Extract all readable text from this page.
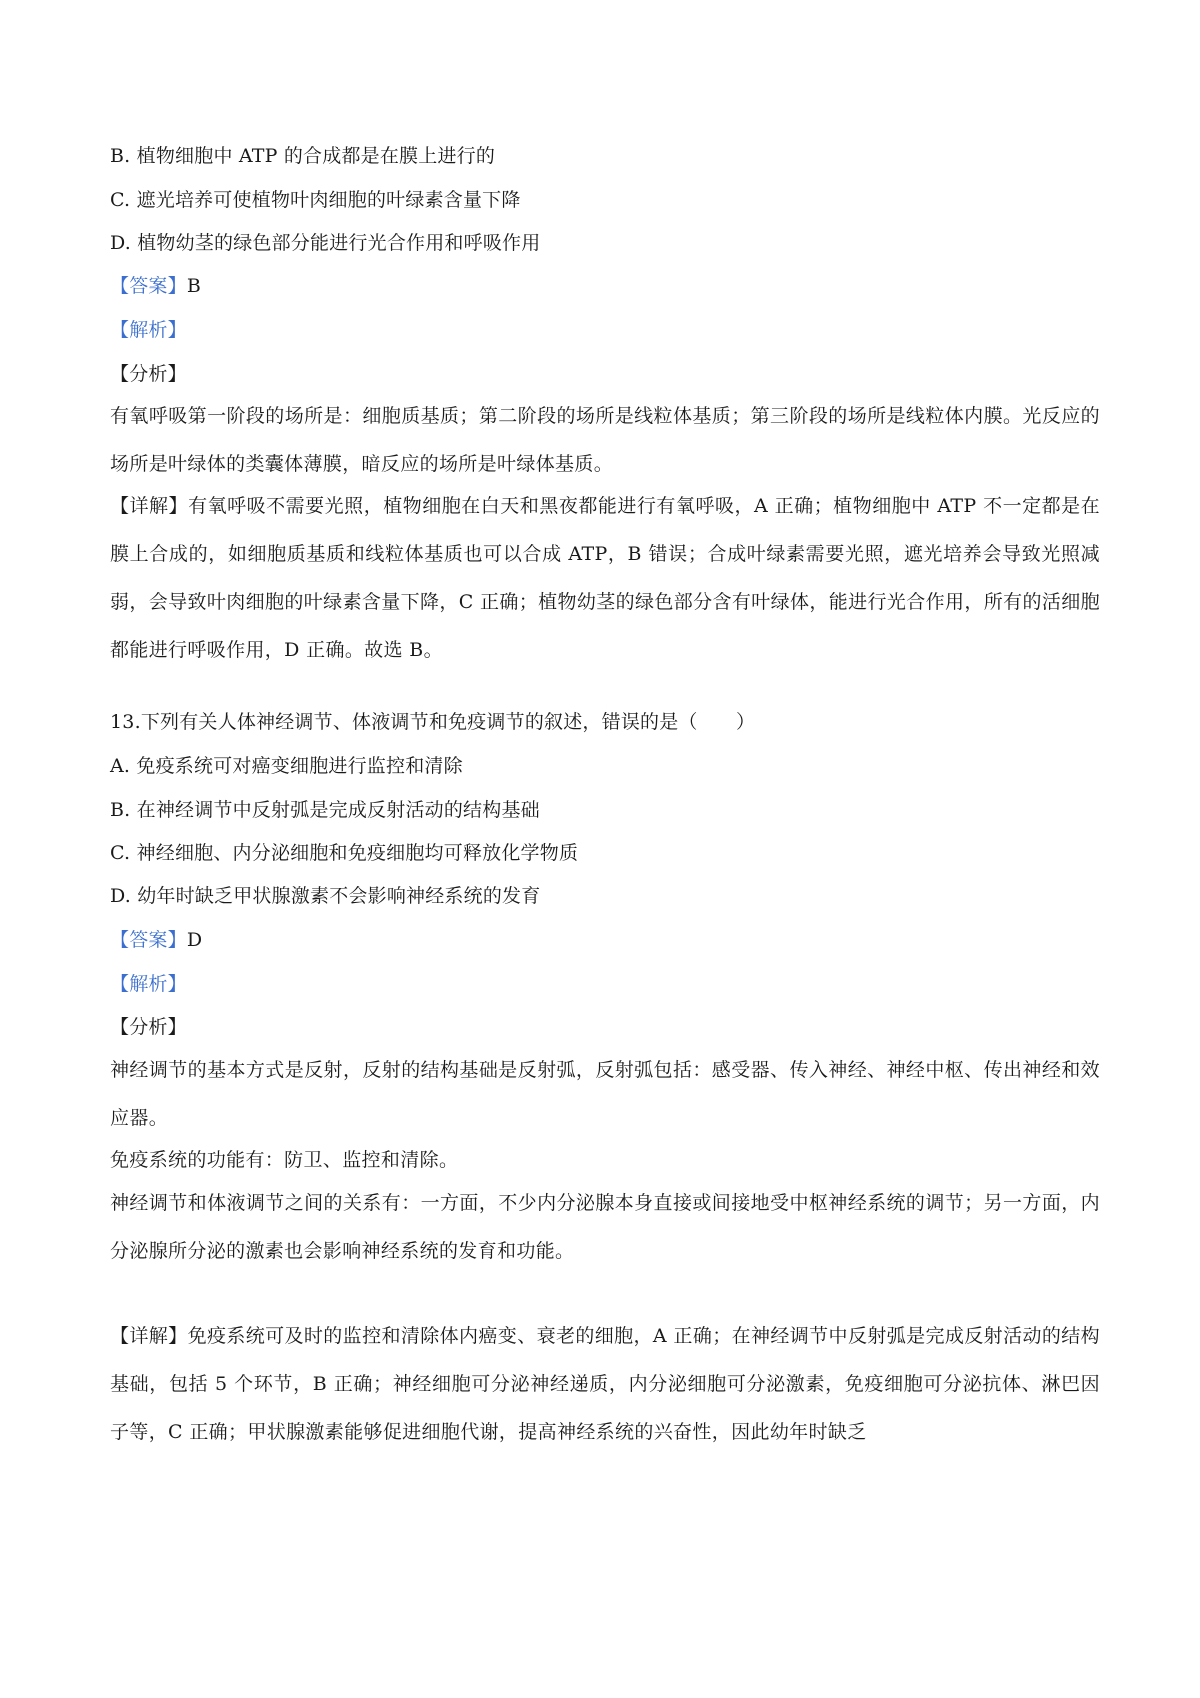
B. 植物细胞中 ATP 的合成都是在膜上进行的
C. 遮光培养可使植物叶肉细胞的叶绿素含量下降
D. 植物幼茎的绿色部分能进行光合作用和呼吸作用
【答案】B
【解析】
【分析】
有氧呼吸第一阶段的场所是：细胞质基质；第二阶段的场所是线粒体基质；第三阶段的场所是线粒体内膜。光反应的场所是叶绿体的类囊体薄膜，暗反应的场所是叶绿体基质。
【详解】有氧呼吸不需要光照，植物细胞在白天和黑夜都能进行有氧呼吸，A 正确；植物细胞中 ATP 不一定都是在膜上合成的，如细胞质基质和线粒体基质也可以合成 ATP，B 错误；合成叶绿素需要光照，遮光培养会导致光照减弱，会导致叶肉细胞的叶绿素含量下降，C 正确；植物幼茎的绿色部分含有叶绿体，能进行光合作用，所有的活细胞都能进行呼吸作用，D 正确。故选 B。
13.下列有关人体神经调节、体液调节和免疫调节的叙述，错误的是（　　）
A. 免疫系统可对癌变细胞进行监控和清除
B. 在神经调节中反射弧是完成反射活动的结构基础
C. 神经细胞、内分泌细胞和免疫细胞均可释放化学物质
D. 幼年时缺乏甲状腺激素不会影响神经系统的发育
【答案】D
【解析】
【分析】
神经调节的基本方式是反射，反射的结构基础是反射弧，反射弧包括：感受器、传入神经、神经中枢、传出神经和效应器。
免疫系统的功能有：防卫、监控和清除。
神经调节和体液调节之间的关系有：一方面，不少内分泌腺本身直接或间接地受中枢神经系统的调节；另一方面，内分泌腺所分泌的激素也会影响神经系统的发育和功能。
【详解】免疫系统可及时的监控和清除体内癌变、衰老的细胞，A 正确；在神经调节中反射弧是完成反射活动的结构基础，包括 5 个环节，B 正确；神经细胞可分泌神经递质，内分泌细胞可分泌激素，免疫细胞可分泌抗体、淋巴因子等，C 正确；甲状腺激素能够促进细胞代谢，提高神经系统的兴奋性，因此幼年时缺乏
